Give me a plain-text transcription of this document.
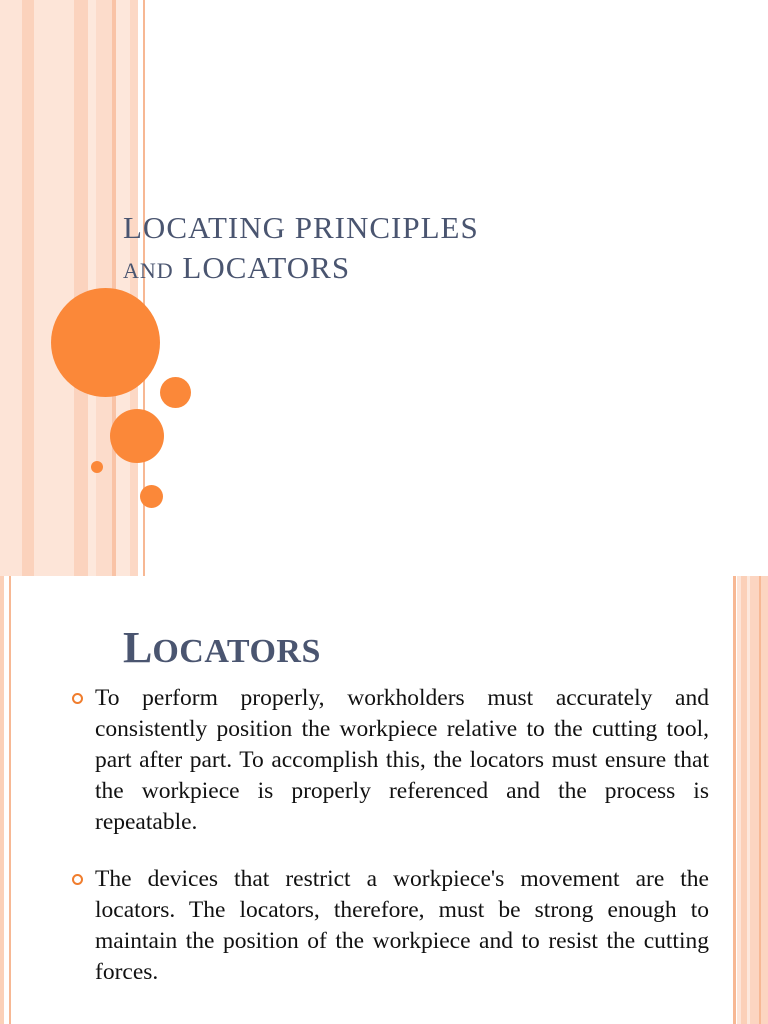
LOCATING PRINCIPLES
AND LOCATORS
LOCATORS
To perform properly, workholders must accurately and consistently position the workpiece relative to the cutting tool, part after part. To accomplish this, the locators must ensure that the workpiece is properly referenced and the process is repeatable.
The devices that restrict a workpiece's movement are the locators. The locators, therefore, must be strong enough to maintain the position of the workpiece and to resist the cutting forces.
